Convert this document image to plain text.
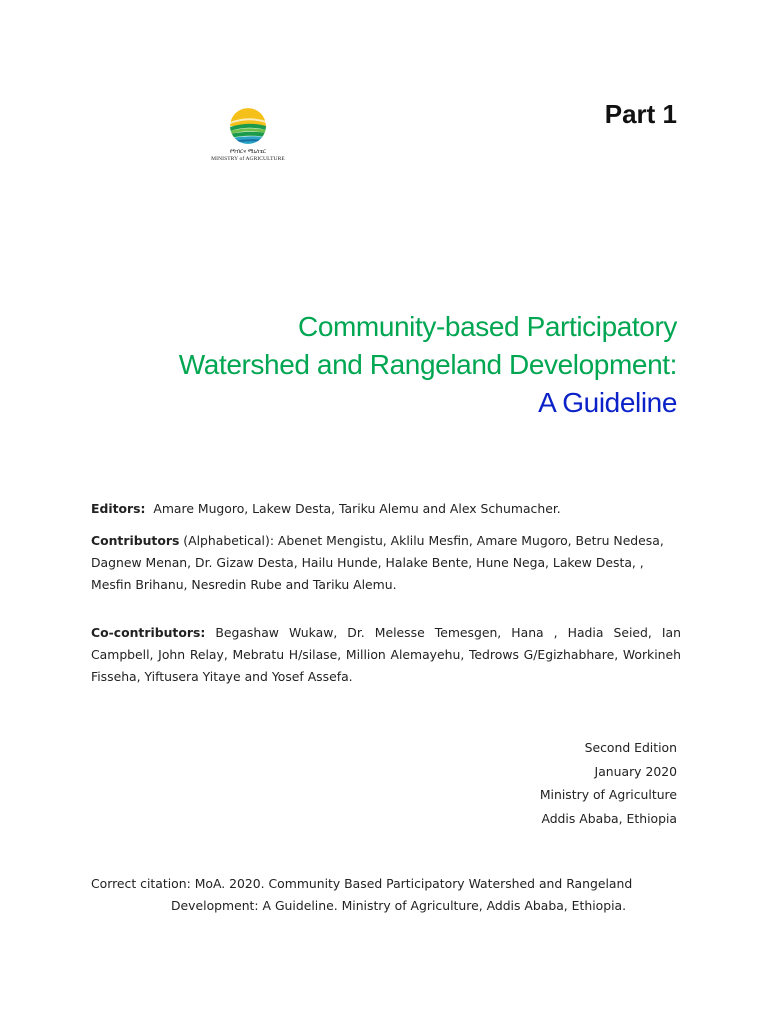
የግብርና ሚኒስቴር
MINISTRY of AGRICULTURE
Part 1
Community-based Participatory
Watershed and Rangeland Development:
A Guideline
Editors: Amare Mugoro, Lakew Desta, Tariku Alemu and Alex Schumacher.
Contributors (Alphabetical): Abenet Mengistu, Aklilu Mesfin, Amare Mugoro, Betru Nedesa, Dagnew Menan, Dr. Gizaw Desta, Hailu Hunde, Halake Bente, Hune Nega, Lakew Desta, , Mesfin Brihanu, Nesredin Rube and Tariku Alemu.
Co-contributors: Begashaw Wukaw, Dr. Melesse Temesgen, Hana , Hadia Seied, Ian Campbell, John Relay, Mebratu H/silase, Million Alemayehu, Tedrows G/Egizhabhare, Workineh Fisseha, Yiftusera Yitaye and Yosef Assefa.
Second Edition
January 2020
Ministry of Agriculture
Addis Ababa, Ethiopia
Correct citation: MoA. 2020. Community Based Participatory Watershed and Rangeland
Development: A Guideline. Ministry of Agriculture, Addis Ababa, Ethiopia.
